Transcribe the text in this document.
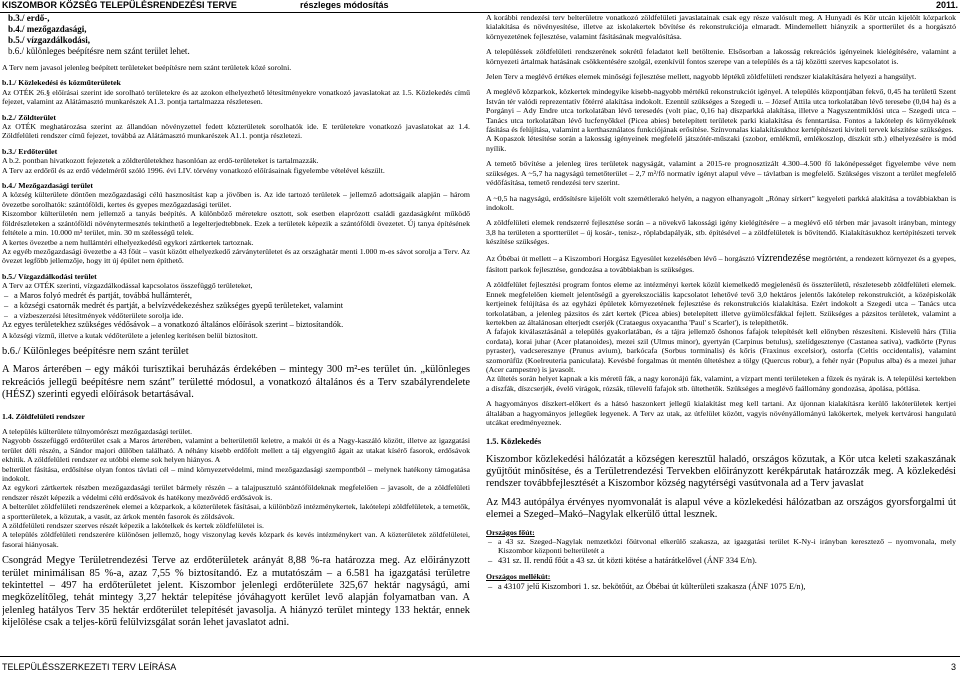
KISZOMBOR KÖZSÉG TELEPÜLÉSRENDEZÉSI TERVE	részleges módosítás	2011.
b.3./ erdő-,
b.4./ mezőgazdasági,
b.5./ vízgazdálkodási,
b.6./ különleges beépítésre nem szánt terület lehet.

A Terv nem javasol jelenleg beépített területeket beépítésre nem szánt területek közé sorolni.

b.1./ Közlekedési és közműterületek

Az OTÉK 26.§ előírásai szerint ide sorolható területekre és az azokon elhelyezhető létesítményekre vonatkozó javaslatokat az 1.5. Közlekedés című fejezet, valamint az Alátámasztó munkarészek A1.3. pontja tartalmazza részletesen.

b.2./ Zöldterület

Az OTÉK meghatározása szerint az állandóan növényzettel fedett közterületek sorolhatók ide. E területekre vonatkozó javaslatokat az 1.4. Zöldfelületi rendszer című fejezet, továbbá az Alátámasztó munkarészek A1.1. pontja részletezi.

b.3./ Erdőterület

A b.2. pontban hivatkozott fejezetek a zöldterületekhez hasonlóan az erdő-területeket is tartalmazzák.

A Terv az erdőről és az erdő védelméről szóló 1996. évi LIV. törvény vonatkozó előírásainak figyelembe vételével készült.

b.4./ Mezőgazdasági terület

A község külterülete döntően mezőgazdasági célú hasznosítást kap a jövőben is. Az ide tartozó területek – jellemző adottságaik alapján – három övezetbe sorolhatók: szántóföldi, kertes és gyepes mezőgazdasági terület.

Kiszombor külterületén nem jellemző a tanyás beépítés. A különböző méretekre osztott, sok esetben elaprózott családi gazdaságként működő földrészleteken a szántóföldi növénytermesztés tekinthető a legelterjedtebbnek. Ezek a területek képezik a szántóföldi övezetet. Új tanya építésének feltétele a min. 10.000 m² terület, min. 30 m szélességű telek.

A kertes övezetbe a nem hullámtéri elhelyezkedésű egykori zártkertek tartoznak.

Az egyéb mezőgazdasági övezetbe a 43 főút – vasút között elhelyezkedő zárványterületet és az országhatár menti 1.000 m-es sávot sorolja a Terv. Az övezet legfőbb jellemzője, hogy itt új épület nem építhető.

b.5./ Vízgazdálkodási terület

A Terv az OTÉK szerinti, vízgazdálkodással kapcsolatos összefüggő területeket,

– a Maros folyó medrét és partját, továbbá hullámterét,

– a községi csatornák medrét és partját, a belvízvédekezéshez szükséges gyepű területeket, valamint

– a vízbeszerzési létesítmények védőterülete sorolja ide.

Az egyes területekhez szükséges védősávok – a vonatkozó általános előírások szerint – biztosítandók.

A községi vízmű, illetve a kutak védőterülete a jelenleg kerítésen belül biztosított.

b.6./ Különleges beépítésre nem szánt terület

A Maros árterében – egy mákói turisztikai beruházás érdekében – mintegy 300 m²-es terület ún. „különleges rekreációs jellegű beépítésre nem szánt" területté módosul, a vonatkozó általános és a Terv szabályrendelete (HÉSZ) szerinti egyedi előírások betartásával.

1.4. Zöldfelületi rendszer

A település külterülete túlnyomórészt mezőgazdasági terület.

Nagyobb összefüggő erdőterület csak a Maros árterében, valamint a belterülettől keletre, a makói út és a Nagy-kaszáló között, illetve az igazgatási terület déli részén, a Sándor majori dűlőben található. A néhány kisebb erdőfolt mellett a táj elgyengítő ágait az utakat kísérő fasorok, erdősávok ekhitik. A zöldfelületi rendszer ez utóbbi eleme sok helyen hiányos. A

belterület fásítása, erdősítése olyan fontos távlati cél – mind környezetvédelmi, mind mezőgazdasági szempontból – melynek hatékony támogatása indokolt.

Az egykori zártkertek részben mezőgazdasági terület bármely részén – a talajpusztuló szántóföldeknak megfelelően – javasolt, de a zöldfelületi rendszer részét képezik a védelmi célú erdősávok és hatékony mezővédő erdősávok is.

A belterület zöldfelületi rendszerének elemei a közparkok, a közterületek fásításai, a különböző intézménykertek, lakótelepi zöldfelületek, a temetők, a sportterületek, a közutak, a vasút, az árkok mentén fasorok és zöldsávok.

A zöldfelületi rendszer szerves részét képezik a lakótelkek és kertek zöldfelületei is.

A település zöldfelületi rendszerére különösen jellemző, hogy viszonylag kevés közpark és kevés intézménykert van. A közterületek zöldfelületei, fasorai hiányosak.

Csongrád Megye Területrendezési Terve az erdőterületek arányát 8,88 %-ra határozza meg. Az előirányzott terület minimálisan 85 %-a, azaz 7,55 % biztosítandó. Ez a mutatószám – a 6.581 ha igazgatási területre tekintettel – 497 ha erdőterületet jelent. Kiszombor jelenlegi erdőterülete 325,67 hektár nagyságú, ami megközelítőleg, tehát mintegy 3,27 hektár telepítése jóváhagyott kerület levő alapján folyamatban van. A jelenleg hatályos Terv 35 hektár erdőterület telepítését javasolja. A hiányzó terület mintegy 133 hektár, ennek kijelölése csak a teljes-körű felülvizsgálat során lehet javaslatot adni.

A korábbi rendezési terv belterületre vonatkozó zöldfelületi javaslatainak csak egy része valósult meg. A Hunyadi és Kör utcán kijelölt közparkok kialakítása és növényesítése, illetve az iskolakertek bővítése és rekonstrukciója elmaradt. Mindemellett hiányzik a sportterület és a horgásztó környezetének fejlesztése, valamint fásításának megvalósítása.

A településsek zöldfelületi rendszerének sokrétű feladatot kell betöltenie. Elsősorban a lakosság rekreációs igényeinek kielégítésére, valamint a környezeti ártalmak hatásának csökkentésére szolgál, ezenkívül fontos szerepe van a település és a táj közötti szerves kapcsolatot is.

Jelen Terv a meglévő értékes elemek minőségi fejlesztése mellett, nagyobb léptékű zöldfelületi rendszer kialakítására helyezi a hangsúlyt.

A meglévő közparkok, közkertek mindegyike kisebb-nagyobb mértékű rekonstrukciót igényel. A település központjában fekvő, 0,45 ha területű Szent István tér valódi reprezentatív főtérré alakítása indokolt. Ezentúl szükséges a Szegedi u. – József Attila utca torkolatában lévő teresebe (0,04 ha) és a Porgányi – Ady Endre utca torkolatában lévő teresedés (volt piac, 0,16 ha) díszparkká alakítása, illetve a Nagyszentmiklósi utca – Szegedi utca – Tanács utca torkolatában lévő lucfenyőkkel (Picea abies) betelepített területek parki kialakítása és fenntartása. Fontos a lakótelep és környékének fásítása és felújítása, valamint a kerthasználatos funkciójának erősítése. Színvonalas kialakításukhoz kertépítészeti kiviteli tervek készítése szükséges.

A Kopaszok létesítése során a lakosság igényeinek megfelelő játszótér-műszaki (szobor, emlékmű, emlékoszlop, díszkút stb.) elhelyezésére is mód nyílik.

A temető bővítése a jelenleg üres területek nagyságát, valamint a 2015-re prognosztizált 4.300–4.500 fő lakónépességet figyelembe véve nem szükséges. A ~5,7 ha nagyságú temetőterület – 2,7 m²/fő normatív igényt alapul véve – távlatban is megfelelő. Szükséges viszont a terület megfelelő védőfásítása, temető rendezési terv szerint.

A ~0,5 ha nagyságú, erdősítésre kijelölt volt szemétlerakó helyén, a nagyon elhanyagolt „Rónay sírkert" kegyeleti parkká alakítása a továbbiakban is indokolt.

A zöldfelületi elemek rendszerré fejlesztése során – a növekvő lakossági igény kielégítésére – a meglévő elő térben már javasolt irányban, mintegy 3,8 ha területen a sportterület – új kosár-, tenisz-, röplabdapályák, stb. építésével – a zöldfelületek is bővítendő. Kialakításukhoz kertépítészeti tervek készítése szükséges.

Az Óbébai út mellett – a Kiszombori Horgász Egyesület kezelésében lévő – horgásztó vízrendezése megtörtént, a rendezett környezet és a gyepes, fásított parkok fejlesztése, gondozása a továbbiakban is szükséges.

A zöldfelület fejlesztési program fontos eleme az intézményi kertek közül kiemelkedő megjelenésű és összterületű, részletesebb zöldfelületi elemek. Ennek megfelelően kiemelt jelentőségű a gyerekszociális kapcsolatot lehetővé tevő 3,0 hektáros jelentős lakótelep rekonstrukciót, a középiskolák kertjeinek felújítása és az egyházi épületek környezetének fejlesztése és rekonstrukciós kialakítása. Ezért indokolt a Szegedi utca – Tanács utca torkolatában, a jelenleg pázsitos és zárt kertek (Picea abies) betelepített illetve gyümölcsfákkal fejlett. Szükséges a pázsitos területek, valamint a kertekben az általánosan elterjedt cserjék (Crataegus oxyacantha 'Paul' s Scarlet'), is telepíthetők.

A fafajok kiválasztásánál a település gyakorlatában, és a tájra jellemző őshonos fafajok telepítését kell előnyben részesíteni. Kislevelű hárs (Tilia cordata), korai juhar (Acer platanoides), mezei szil (Ulmus minor), gyertyán (Carpinus betulus), szelídgesztenye (Castanea sativa), vadkörte (Pyrus pyraster), vadcseresznye (Prunus avium), barkócafa (Sorbus torminalis) és kőris (Fraxinus excelsior), ostorfa (Celtis occidentalis), valamint szomorúfűz (Koelreuteria paniculata). Kevésbé forgalmas út mentén ültetéshez a tölgy (Quercus robur), a fehér nyár (Populus alba) és a mezei juhar (Acer campestre) is javasolt.

Az ültetés során helyet kapnak a kis méretű fák, a nagy koronájú fák, valamint, a vízpart menti területeken a fűzek és nyárak is. A települési kertekben a díszfák, díszcserjék, évelő virágok, rózsák, tűlevelű fafajok stb. ültethetők. Szükséges a meglévő faállomány gondozása, ápolása, pótlása.

A hagyományos díszkert-előkert és a hátsó haszonkert jellegű kialakítást meg kell tartani. Az újonnan kialakításra kerülő lakóterületek kertjei általában a hagyományos jellegűek legyenek. A Terv az utak, az útfelület között, vagyis növényállományú lakókertek, melyek kertvárosi hangulatú utcákat eredményeznek.

1.5. Közlekedés

Kiszombor közlekedési hálózatát a községen keresztül haladó, országos közutak, a Kör utca keleti szakaszának gyűjtőút minősítése, és a Területrendezési Tervekben előirányzott kerékpárutak határozzák meg. A közlekedési rendszer továbbfejlesztését a Kiszombor község nagytérségi vasútvonala ad a Terv javaslat

Az M43 autópálya érvényes nyomvonalát is alapul véve a közlekedési hálózatban az országos gyorsforgalmi út elemei a Szeged–Makó–Nagylak elkerülő úttal lesznek.

Országos főút:

– a 43 sz. Szeged–Nagylak nemzetközi főútvonal elkerülő szakasza, az igazgatási terület K-Ny-i irányban keresztező – nyomvonala, mely Kiszombor központi belterületét a

– 431 sz. II. rendű főút a 43 sz. út közti kötése a határátkelővel (ÁNF 334 E/n).

Országos mellékút:

– a 43107 jelű Kiszombori 1. sz. bekötőút, az Óbébai út külterületi szakasza (ÁNF 1075 E/n),

TELEPÜLÉSSZERKEZETI TERV LEÍRÁSA	3
